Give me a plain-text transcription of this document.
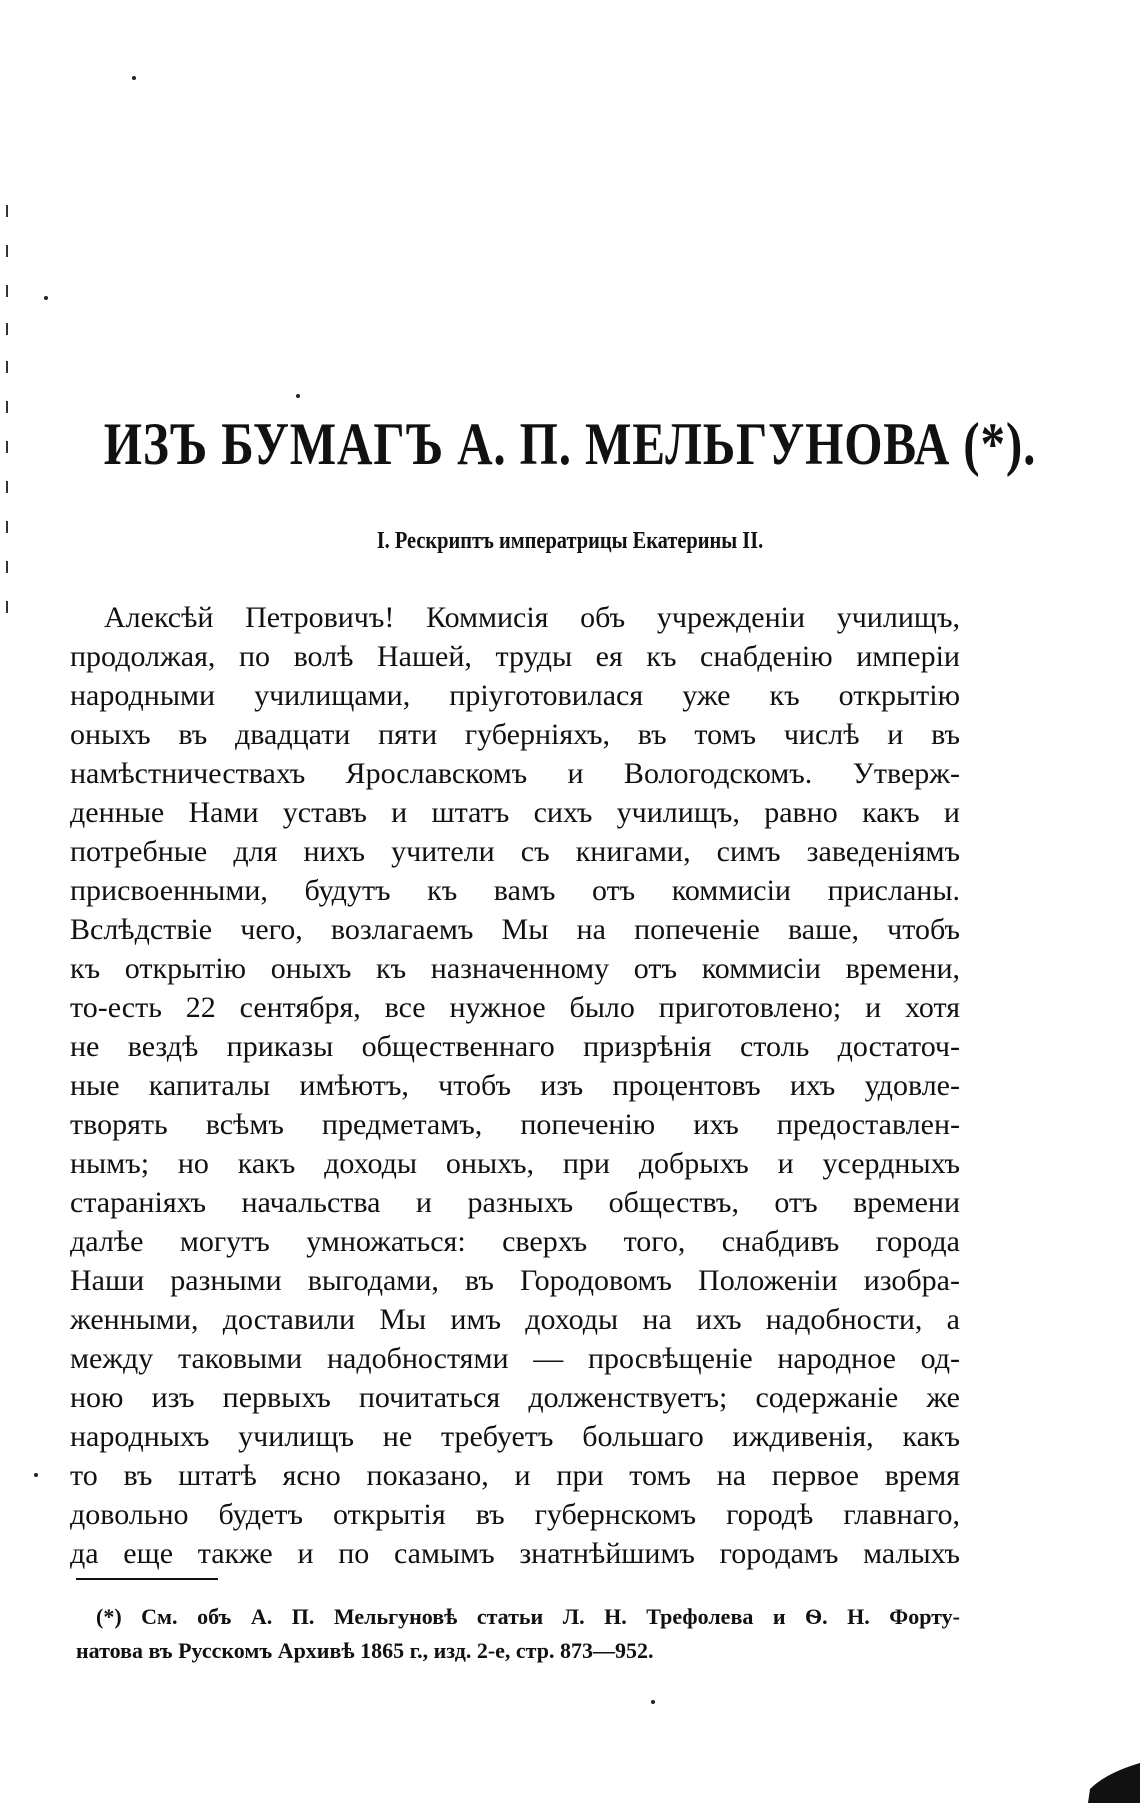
ИЗЪ БУМАГЪ А. П. МЕЛЬГУНОВА (*).
I. Рескриптъ императрицы Екатерины II.
Алексѣй Петровичъ! Коммисія объ учрежденіи училищъ,
продолжая, по волѣ Нашей, труды ея къ снабденію имперіи
народными училищами, пріуготовилася уже къ открытію
оныхъ въ двадцати пяти губерніяхъ, въ томъ числѣ и въ
намѣстничествахъ Ярославскомъ и Вологодскомъ. Утверж-
денные Нами уставъ и штатъ сихъ училищъ, равно какъ и
потребные для нихъ учители съ книгами, симъ заведеніямъ
присвоенными, будутъ къ вамъ отъ коммисіи присланы.
Вслѣдствіе чего, возлагаемъ Мы на попеченіе ваше, чтобъ
къ открытію оныхъ къ назначенному отъ коммисіи времени,
то-есть 22 сентября, все нужное было приготовлено; и хотя
не вездѣ приказы общественнаго призрѣнія столь достаточ-
ные капиталы имѣютъ, чтобъ изъ процентовъ ихъ удовле-
творять всѣмъ предметамъ, попеченію ихъ предоставлен-
нымъ; но какъ доходы оныхъ, при добрыхъ и усердныхъ
стараніяхъ начальства и разныхъ обществъ, отъ времени
далѣе могутъ умножаться: сверхъ того, снабдивъ города
Наши разными выгодами, въ Городовомъ Положеніи изобра-
женными, доставили Мы имъ доходы на ихъ надобности, а
между таковыми надобностями — просвѣщеніе народное од-
ною изъ первыхъ почитаться долженствуетъ; содержаніе же
народныхъ училищъ не требуетъ большаго иждивенія, какъ
то въ штатѣ ясно показано, и при томъ на первое время
довольно будетъ открытія въ губернскомъ городѣ главнаго,
да еще также и по самымъ знатнѣйшимъ городамъ малыхъ
(*) См. объ А. П. Мельгуновѣ статьи Л. Н. Трефолева и Ѳ. Н. Форту-
натова въ Русскомъ Архивѣ 1865 г., изд. 2-е, стр. 873—952.
